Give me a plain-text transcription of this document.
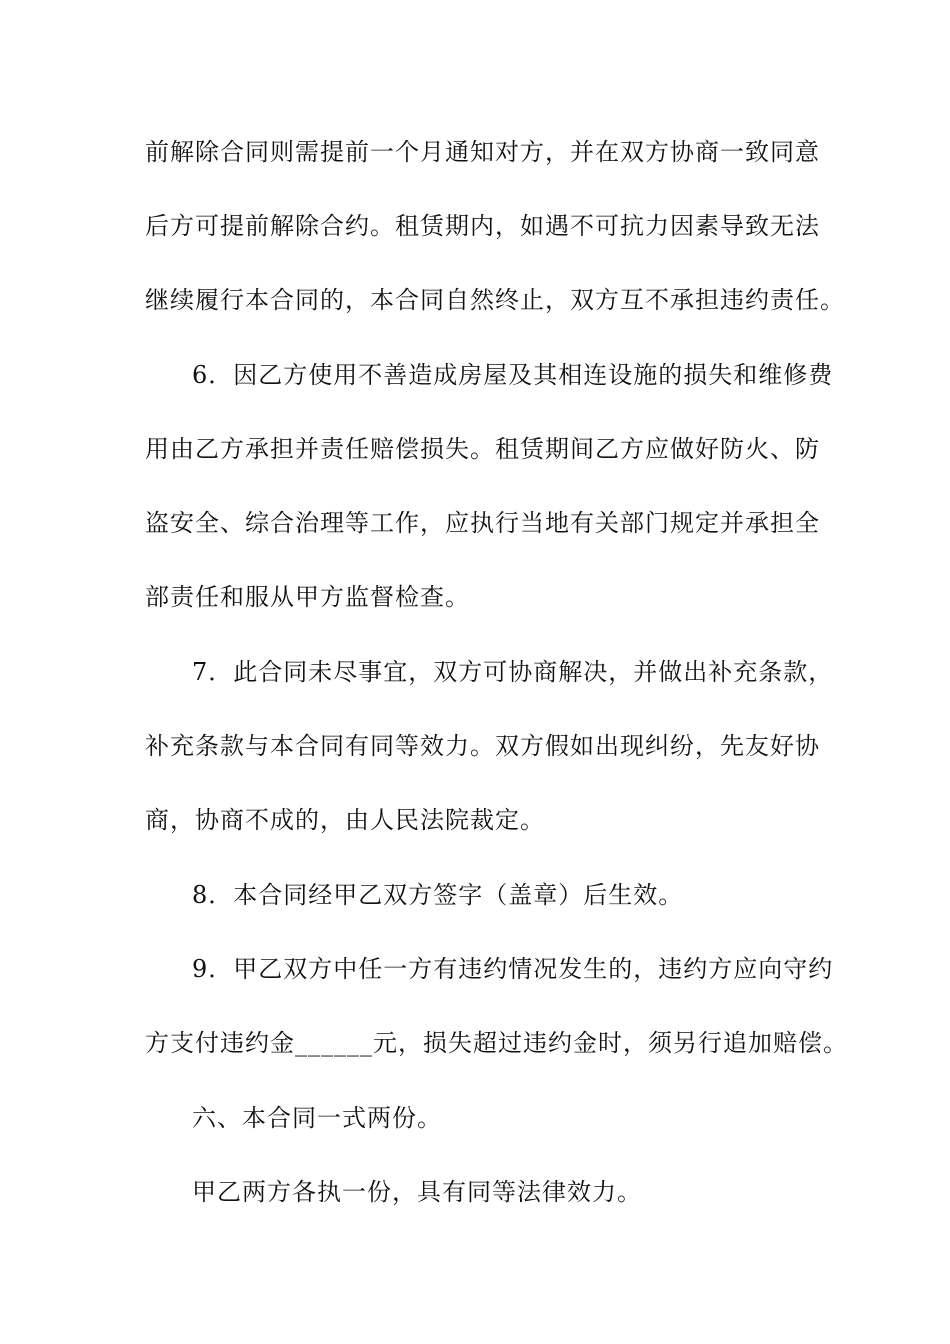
前解除合同则需提前一个月通知对方，并在双方协商一致同意
后方可提前解除合约。租赁期内，如遇不可抗力因素导致无法
继续履行本合同的，本合同自然终止，双方互不承担违约责任。
6．因乙方使用不善造成房屋及其相连设施的损失和维修费
用由乙方承担并责任赔偿损失。租赁期间乙方应做好防火、防
盗安全、综合治理等工作，应执行当地有关部门规定并承担全
部责任和服从甲方监督检查。
7．此合同未尽事宜，双方可协商解决，并做出补充条款，
补充条款与本合同有同等效力。双方假如出现纠纷，先友好协
商，协商不成的，由人民法院裁定。
8．本合同经甲乙双方签字（盖章）后生效。
9．甲乙双方中任一方有违约情况发生的，违约方应向守约
方支付违约金______元，损失超过违约金时，须另行追加赔偿。
六、本合同一式两份。
甲乙两方各执一份，具有同等法律效力。
